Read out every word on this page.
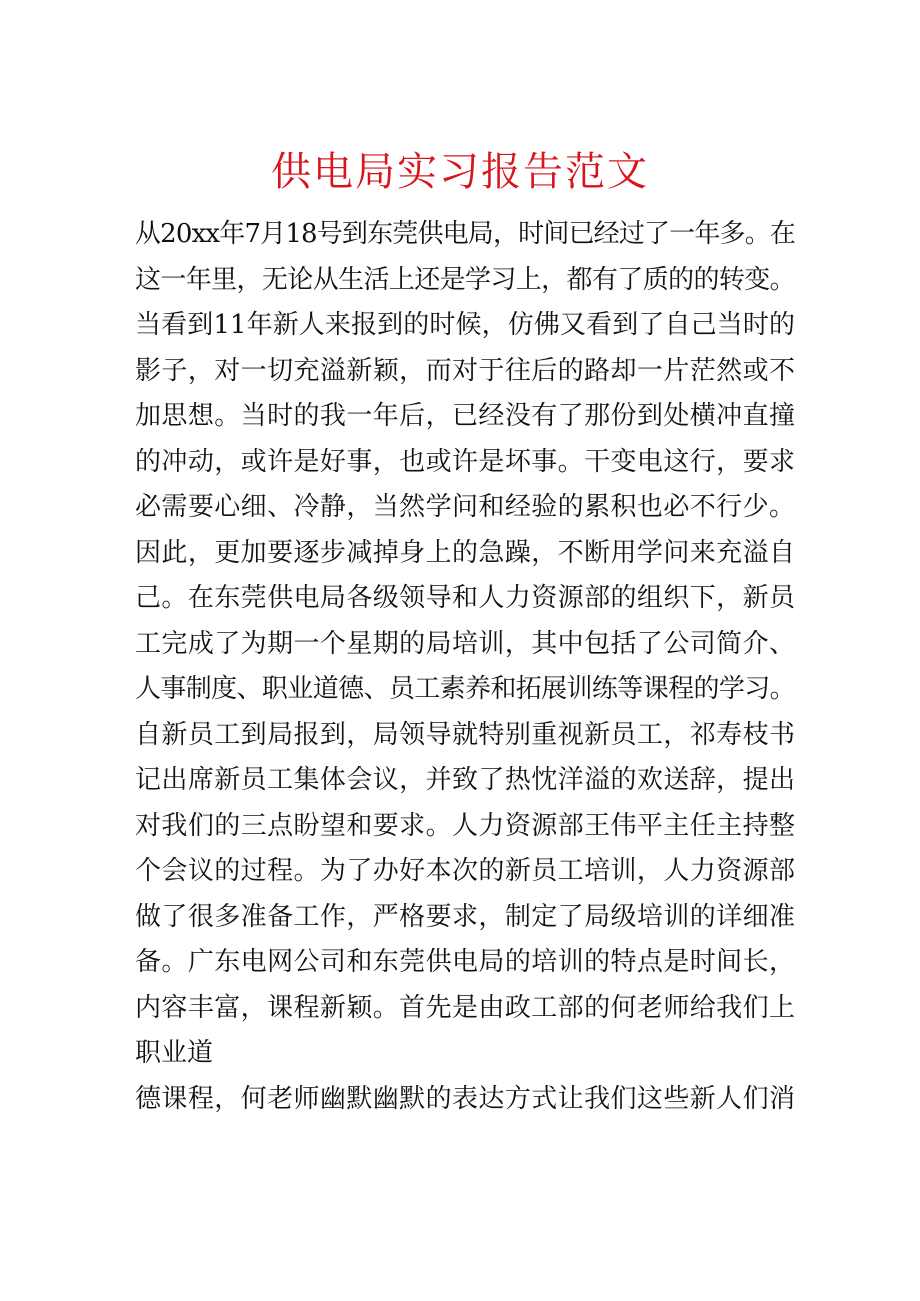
供电局实习报告范文
从20xx年7月18号到东莞供电局，时间已经过了一年多。在
这一年里，无论从生活上还是学习上，都有了质的的转变。
当看到11年新人来报到的时候，仿佛又看到了自己当时的
影子，对一切充溢新颖，而对于往后的路却一片茫然或不
加思想。当时的我一年后，已经没有了那份到处横冲直撞
的冲动，或许是好事，也或许是坏事。干变电这行，要求
必需要心细、冷静，当然学问和经验的累积也必不行少。
因此，更加要逐步减掉身上的急躁，不断用学问来充溢自
己。在东莞供电局各级领导和人力资源部的组织下，新员
工完成了为期一个星期的局培训，其中包括了公司简介、
人事制度、职业道德、员工素养和拓展训练等课程的学习。
自新员工到局报到，局领导就特别重视新员工，祁寿枝书
记出席新员工集体会议，并致了热忱洋溢的欢送辞，提出
对我们的三点盼望和要求。人力资源部王伟平主任主持整
个会议的过程。为了办好本次的新员工培训，人力资源部
做了很多准备工作，严格要求，制定了局级培训的详细准
备。广东电网公司和东莞供电局的培训的特点是时间长，
内容丰富，课程新颖。首先是由政工部的何老师给我们上
职业道
德课程，何老师幽默幽默的表达方式让我们这些新人们消
